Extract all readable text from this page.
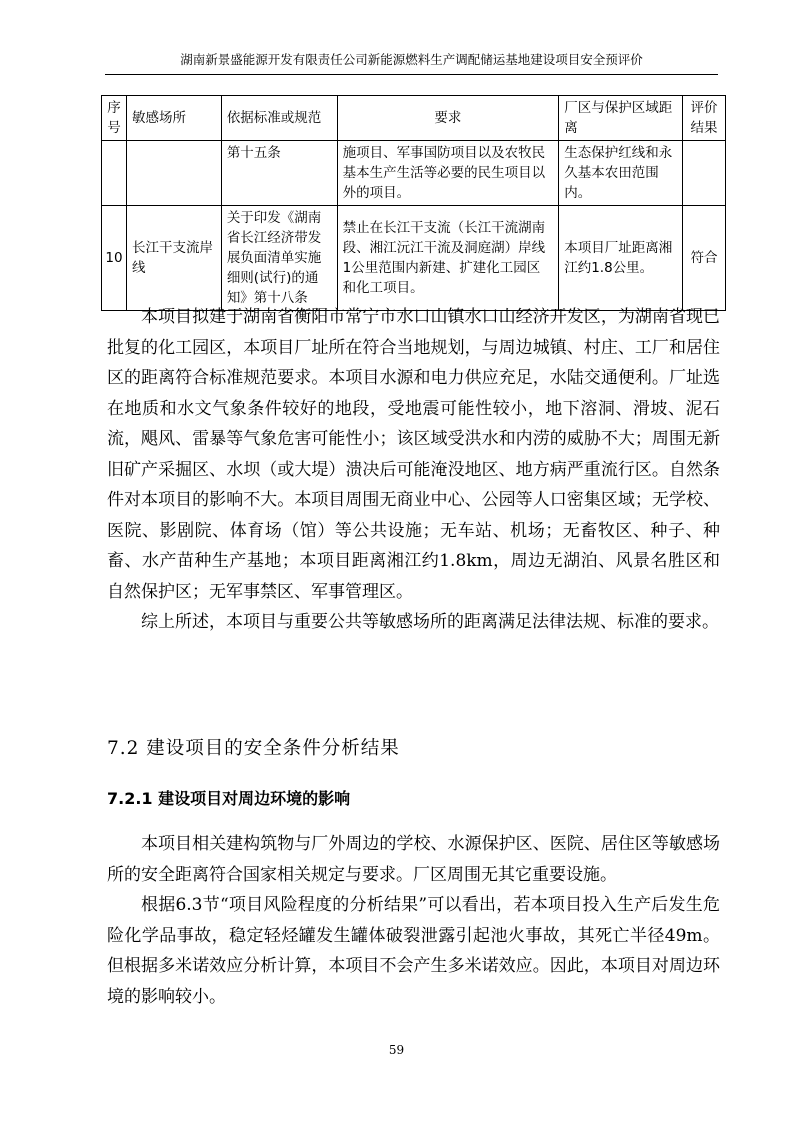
湖南新景盛能源开发有限责任公司新能源燃料生产调配储运基地建设项目安全预评价
序号	敏感场所	依据标准或规范	要求	厂区与保护区域距离	评价结果
		第十五条	施项目、军事国防项目以及农牧民基本生产生活等必要的民生项目以外的项目。	生态保护红线和永久基本农田范围内。	
10	长江干支流岸线	关于印发《湖南省长江经济带发展负面清单实施细则(试行)的通知》第十八条	禁止在长江干支流（长江干流湖南段、湘江沅江干流及洞庭湖）岸线1公里范围内新建、扩建化工园区和化工项目。	本项目厂址距离湘江约1.8公里。	符合

本项目拟建于湖南省衡阳市常宁市水口山镇水口山经济开发区，为湖南省现已批复的化工园区，本项目厂址所在符合当地规划，与周边城镇、村庄、工厂和居住区的距离符合标准规范要求。本项目水源和电力供应充足，水陆交通便利。厂址选在地质和水文气象条件较好的地段，受地震可能性较小，地下溶洞、滑坡、泥石流，飓风、雷暴等气象危害可能性小；该区域受洪水和内涝的威胁不大；周围无新旧矿产采掘区、水坝（或大堤）溃决后可能淹没地区、地方病严重流行区。自然条件对本项目的影响不大。本项目周围无商业中心、公园等人口密集区域；无学校、医院、影剧院、体育场（馆）等公共设施；无车站、机场；无畜牧区、种子、种畜、水产苗种生产基地；本项目距离湘江约1.8km，周边无湖泊、风景名胜区和自然保护区；无军事禁区、军事管理区。

综上所述，本项目与重要公共等敏感场所的距离满足法律法规、标准的要求。

7.2 建设项目的安全条件分析结果
7.2.1 建设项目对周边环境的影响

本项目相关建构筑物与厂外周边的学校、水源保护区、医院、居住区等敏感场所的安全距离符合国家相关规定与要求。厂区周围无其它重要设施。

根据6.3节“项目风险程度的分析结果”可以看出，若本项目投入生产后发生危险化学品事故，稳定轻烃罐发生罐体破裂泄露引起池火事故，其死亡半径49m。但根据多米诺效应分析计算，本项目不会产生多米诺效应。因此，本项目对周边环境的影响较小。

59
